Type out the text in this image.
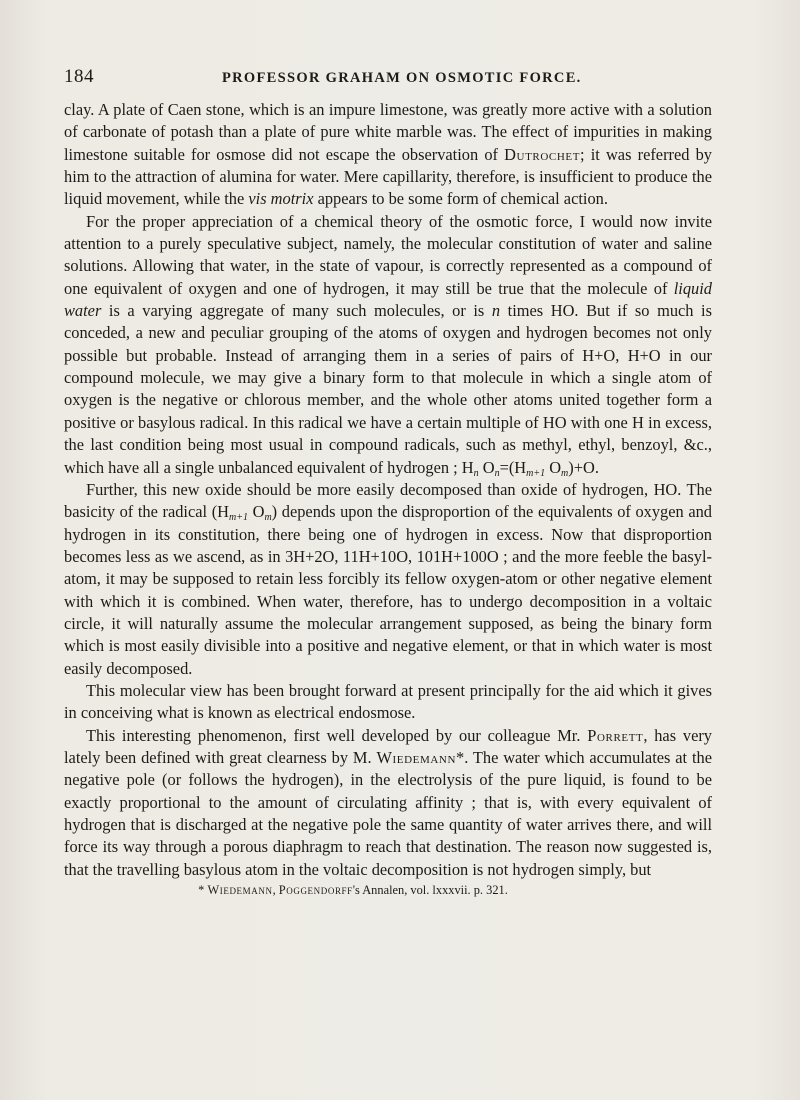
184	PROFESSOR GRAHAM ON OSMOTIC FORCE.

clay. A plate of Caen stone, which is an impure limestone, was greatly more active with a solution of carbonate of potash than a plate of pure white marble was. The effect of impurities in making limestone suitable for osmose did not escape the observation of Dutrochet; it was referred by him to the attraction of alumina for water. Mere capillarity, therefore, is insufficient to produce the liquid movement, while the vis motrix appears to be some form of chemical action.

For the proper appreciation of a chemical theory of the osmotic force, I would now invite attention to a purely speculative subject, namely, the molecular constitution of water and saline solutions. Allowing that water, in the state of vapour, is correctly represented as a compound of one equivalent of oxygen and one of hydrogen, it may still be true that the molecule of liquid water is a varying aggregate of many such molecules, or is n times HO. But if so much is conceded, a new and peculiar grouping of the atoms of oxygen and hydrogen becomes not only possible but probable. Instead of arranging them in a series of pairs of H+O, H+O in our compound molecule, we may give a binary form to that molecule in which a single atom of oxygen is the negative or chlorous member, and the whole other atoms united together form a positive or basylous radical. In this radical we have a certain multiple of HO with one H in excess, the last condition being most usual in compound radicals, such as methyl, ethyl, benzoyl, &c., which have all a single unbalanced equivalent of hydrogen ; $H_n$ $O_n=(H_{m+1}$ $O_m)+O$.

Further, this new oxide should be more easily decomposed than oxide of hydrogen, HO. The basicity of the radical ($H_{m+1}$ $O_m$) depends upon the disproportion of the equivalents of oxygen and hydrogen in its constitution, there being one of hydrogen in excess. Now that disproportion becomes less as we ascend, as in 3H+2O, 11H+10O, 101H+100O ; and the more feeble the basyl-atom, it may be supposed to retain less forcibly its fellow oxygen-atom or other negative element with which it is combined. When water, therefore, has to undergo decomposition in a voltaic circle, it will naturally assume the molecular arrangement supposed, as being the binary form which is most easily divisible into a positive and negative element, or that in which water is most easily decomposed.

This molecular view has been brought forward at present principally for the aid which it gives in conceiving what is known as electrical endosmose.

This interesting phenomenon, first well developed by our colleague Mr. Porrett, has very lately been defined with great clearness by M. Wiedemann*. The water which accumulates at the negative pole (or follows the hydrogen), in the electrolysis of the pure liquid, is found to be exactly proportional to the amount of circulating affinity ; that is, with every equivalent of hydrogen that is discharged at the negative pole the same quantity of water arrives there, and will force its way through a porous diaphragm to reach that destination. The reason now suggested is, that the travelling basylous atom in the voltaic decomposition is not hydrogen simply, but

* Wiedemann, Poggendorff's Annalen, vol. lxxxvii. p. 321.
